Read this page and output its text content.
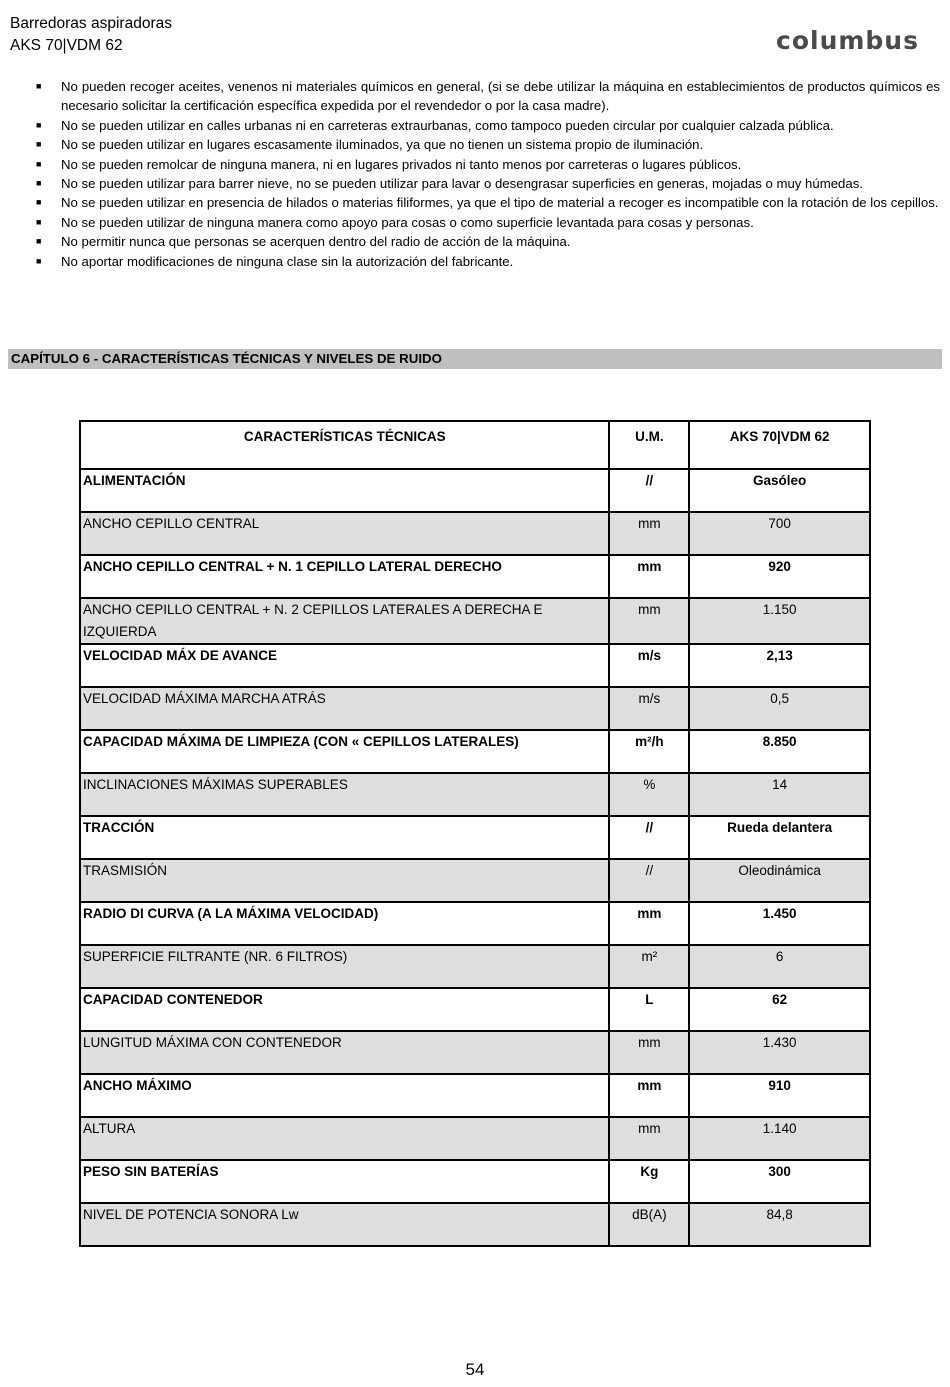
Barredoras aspiradoras
AKS 70|VDM 62	columbus
■ No pueden recoger aceites, venenos ni materiales químicos en general, (si se debe utilizar la máquina en establecimientos de productos químicos es necesario solicitar la certificación específica expedida por el revendedor o por la casa madre).
■ No se pueden utilizar en calles urbanas ni en carreteras extraurbanas, como tampoco pueden circular por cualquier calzada pública.
■ No se pueden utilizar en lugares escasamente iluminados, ya que no tienen un sistema propio de iluminación.
■ No se pueden remolcar de ninguna manera, ni en lugares privados ni tanto menos por carreteras o lugares públicos.
■ No se pueden utilizar para barrer nieve, no se pueden utilizar para lavar o desengrasar superficies en generas, mojadas o muy húmedas.
■ No se pueden utilizar en presencia de hilados o materias filiformes, ya que el tipo de material a recoger es incompatible con la rotación de los cepillos.
■ No se pueden utilizar de ninguna manera como apoyo para cosas o como superficie levantada para cosas y personas.
■ No permitir nunca que personas se acerquen dentro del radio de acción de la máquina.
■ No aportar modificaciones de ninguna clase sin la autorización del fabricante.
CAPÍTULO 6 - CARACTERÍSTICAS TÉCNICAS Y NIVELES DE RUIDO
CARACTERÍSTICAS TÉCNICAS	U.M.	AKS 70|VDM 62
ALIMENTACIÓN	//	Gasóleo
ANCHO CEPILLO CENTRAL	mm	700
ANCHO CEPILLO CENTRAL + N. 1 CEPILLO LATERAL DERECHO	mm	920
ANCHO CEPILLO CENTRAL + N. 2 CEPILLOS LATERALES A DERECHA E IZQUIERDA	mm	1.150
VELOCIDAD MÁX DE AVANCE	m/s	2,13
VELOCIDAD MÁXIMA MARCHA ATRÁS	m/s	0,5
CAPACIDAD MÁXIMA DE LIMPIEZA (CON « CEPILLOS LATERALES)	m²/h	8.850
INCLINACIONES MÁXIMAS SUPERABLES	%	14
TRACCIÓN	//	Rueda delantera
TRASMISIÓN	//	Oleodinámica
RADIO DI CURVA (A LA MÁXIMA VELOCIDAD)	mm	1.450
SUPERFICIE FILTRANTE (NR. 6 FILTROS)	m²	6
CAPACIDAD CONTENEDOR	L	62
LUNGITUD MÁXIMA CON CONTENEDOR	mm	1.430
ANCHO MÁXIMO	mm	910
ALTURA	mm	1.140
PESO SIN BATERÍAS	Kg	300
NIVEL DE POTENCIA SONORA Lw	dB(A)	84,8
54
